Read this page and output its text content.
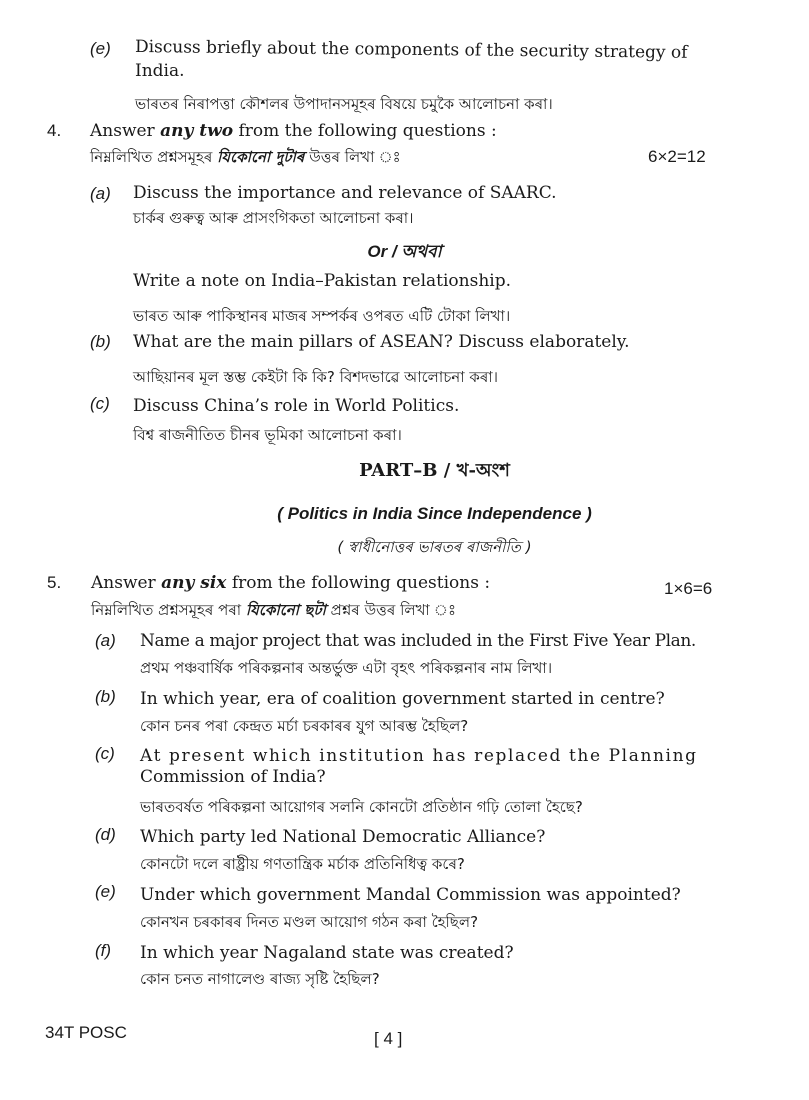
(e) Discuss briefly about the components of the security strategy of
India.
ভাৰতৰ নিৰাপত্তা কৌশলৰ উপাদানসমূহৰ বিষয়ে চমুকৈ আলোচনা কৰা।
4. Answer any two from the following questions :
নিম্নলিখিত প্ৰশ্নসমূহৰ যিকোনো দুটাৰ উত্তৰ লিখা ঃ	6×2=12
(a) Discuss the importance and relevance of SAARC.
চাৰ্কৰ গুৰুত্ব আৰু প্ৰাসংগিকতা আলোচনা কৰা।
Or / অথবা
Write a note on India–Pakistan relationship.
ভাৰত আৰু পাকিস্থানৰ মাজৰ সম্পৰ্কৰ ওপৰত এটি টোকা লিখা।
(b) What are the main pillars of ASEAN? Discuss elaborately.
আছিয়ানৰ মূল স্তম্ভ কেইটা কি কি? বিশদভাৱে আলোচনা কৰা।
(c) Discuss China’s role in World Politics.
বিশ্ব ৰাজনীতিত চীনৰ ভূমিকা আলোচনা কৰা।
PART–B / খ-অংশ
( Politics in India Since Independence )
( স্বাধীনোত্তৰ ভাৰতৰ ৰাজনীতি )
5. Answer any six from the following questions :	1×6=6
নিম্নলিখিত প্ৰশ্নসমূহৰ পৰা যিকোনো ছটা প্ৰশ্নৰ উত্তৰ লিখা ঃ
(a) Name a major project that was included in the First Five Year Plan.
প্ৰথম পঞ্চবাৰ্ষিক পৰিকল্পনাৰ অন্তৰ্ভুক্ত এটা বৃহৎ পৰিকল্পনাৰ নাম লিখা।
(b) In which year, era of coalition government started in centre?
কোন চনৰ পৰা কেন্দ্ৰত মৰ্চা চৰকাৰৰ যুগ আৰম্ভ হৈছিল?
(c) At present which institution has replaced the Planning
Commission of India?
ভাৰতবৰ্ষত পৰিকল্পনা আয়োগৰ সলনি কোনটো প্ৰতিষ্ঠান গঢ়ি তোলা হৈছে?
(d) Which party led National Democratic Alliance?
কোনটো দলে ৰাষ্ট্ৰীয় গণতান্ত্ৰিক মৰ্চাক প্ৰতিনিধিত্ব কৰে?
(e) Under which government Mandal Commission was appointed?
কোনখন চৰকাৰৰ দিনত মণ্ডল আয়োগ গঠন কৰা হৈছিল?
(f) In which year Nagaland state was created?
কোন চনত নাগালেণ্ড ৰাজ্য সৃষ্টি হৈছিল?
34T POSC	[ 4 ]
